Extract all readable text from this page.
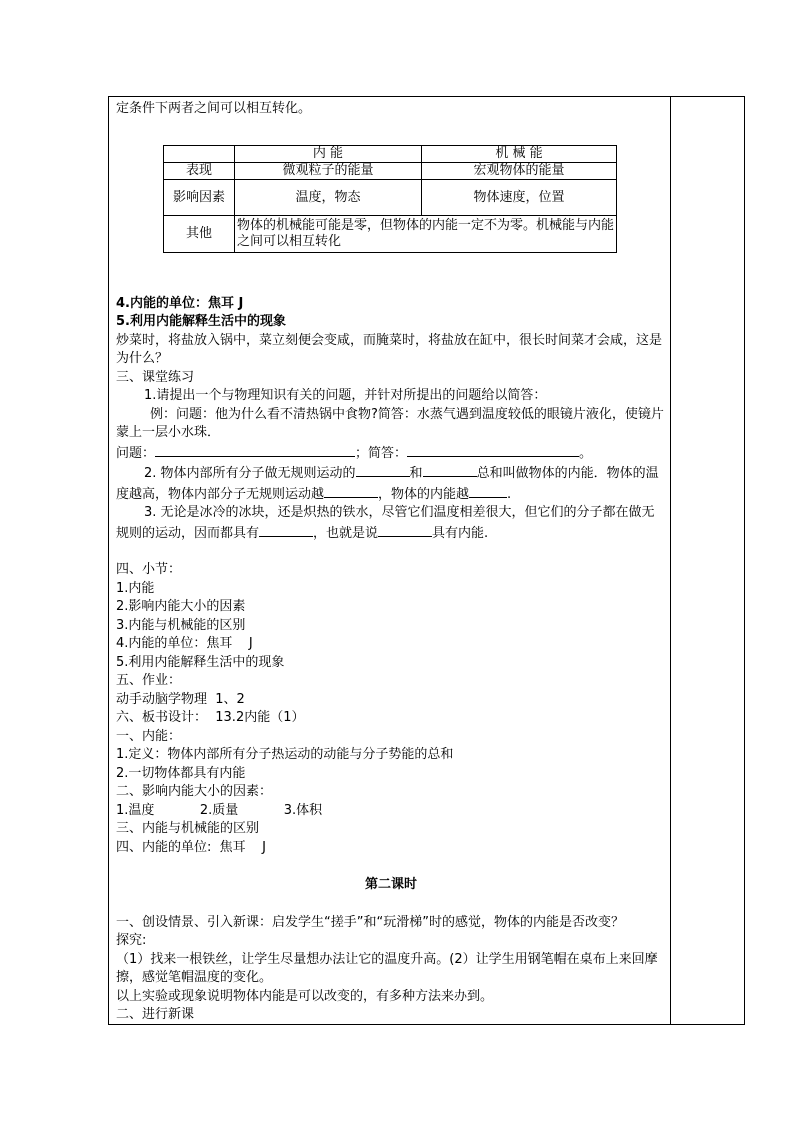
	内 能	机 械 能
表现	微观粒子的能量	宏观物体的能量
影响因素	温度，物态	物体速度，位置
其他	物体的机械能可能是零，但物体的内能一定不为零。机械能与内能之间可以相互转化	
定条件下两者之间可以相互转化。
4.内能的单位：焦耳 J
5.利用内能解释生活中的现象
炒菜时，将盐放入锅中，菜立刻便会变咸，而腌菜时，将盐放在缸中，很长时间菜才会咸，这是为什么？
三、课堂练习
1.请提出一个与物理知识有关的问题，并针对所提出的问题给以简答：
例：问题：他为什么看不清热锅中食物?简答：水蒸气遇到温度较低的眼镜片液化，使镜片蒙上一层小水珠．
问题：	；简答：	。
2. 物体内部所有分子做无规则运动的	和	总和叫做物体的内能．物体的温度越高，物体内部分子无规则运动越	，物体的内能越	.
3. 无论是冰冷的冰块，还是炽热的铁水，尽管它们温度相差很大，但它们的分子都在做无规则的运动，因而都具有	，也就是说	具有内能.
四、小节：
1.内能
2.影响内能大小的因素
3.内能与机械能的区别
4.内能的单位：焦耳    J
5.利用内能解释生活中的现象
五、作业：
动手动脑学物理  1、2
六、板书设计：  13.2内能（1）
一、内能：
1.定义：物体内部所有分子热运动的动能与分子势能的总和
2.一切物体都具有内能
二、影响内能大小的因素：
1.温度           2.质量           3.体积
三、内能与机械能的区别
四、内能的单位:  焦耳    J
第二课时
一、创设情景、引入新课：启发学生“搓手”和“玩滑梯”时的感觉，物体的内能是否改变？
探究:
（1）找来一根铁丝，让学生尽量想办法让它的温度升高。(2）让学生用钢笔帽在桌布上来回摩擦，感觉笔帽温度的变化。
以上实验或现象说明物体内能是可以改变的，有多种方法来办到。
二、进行新课
